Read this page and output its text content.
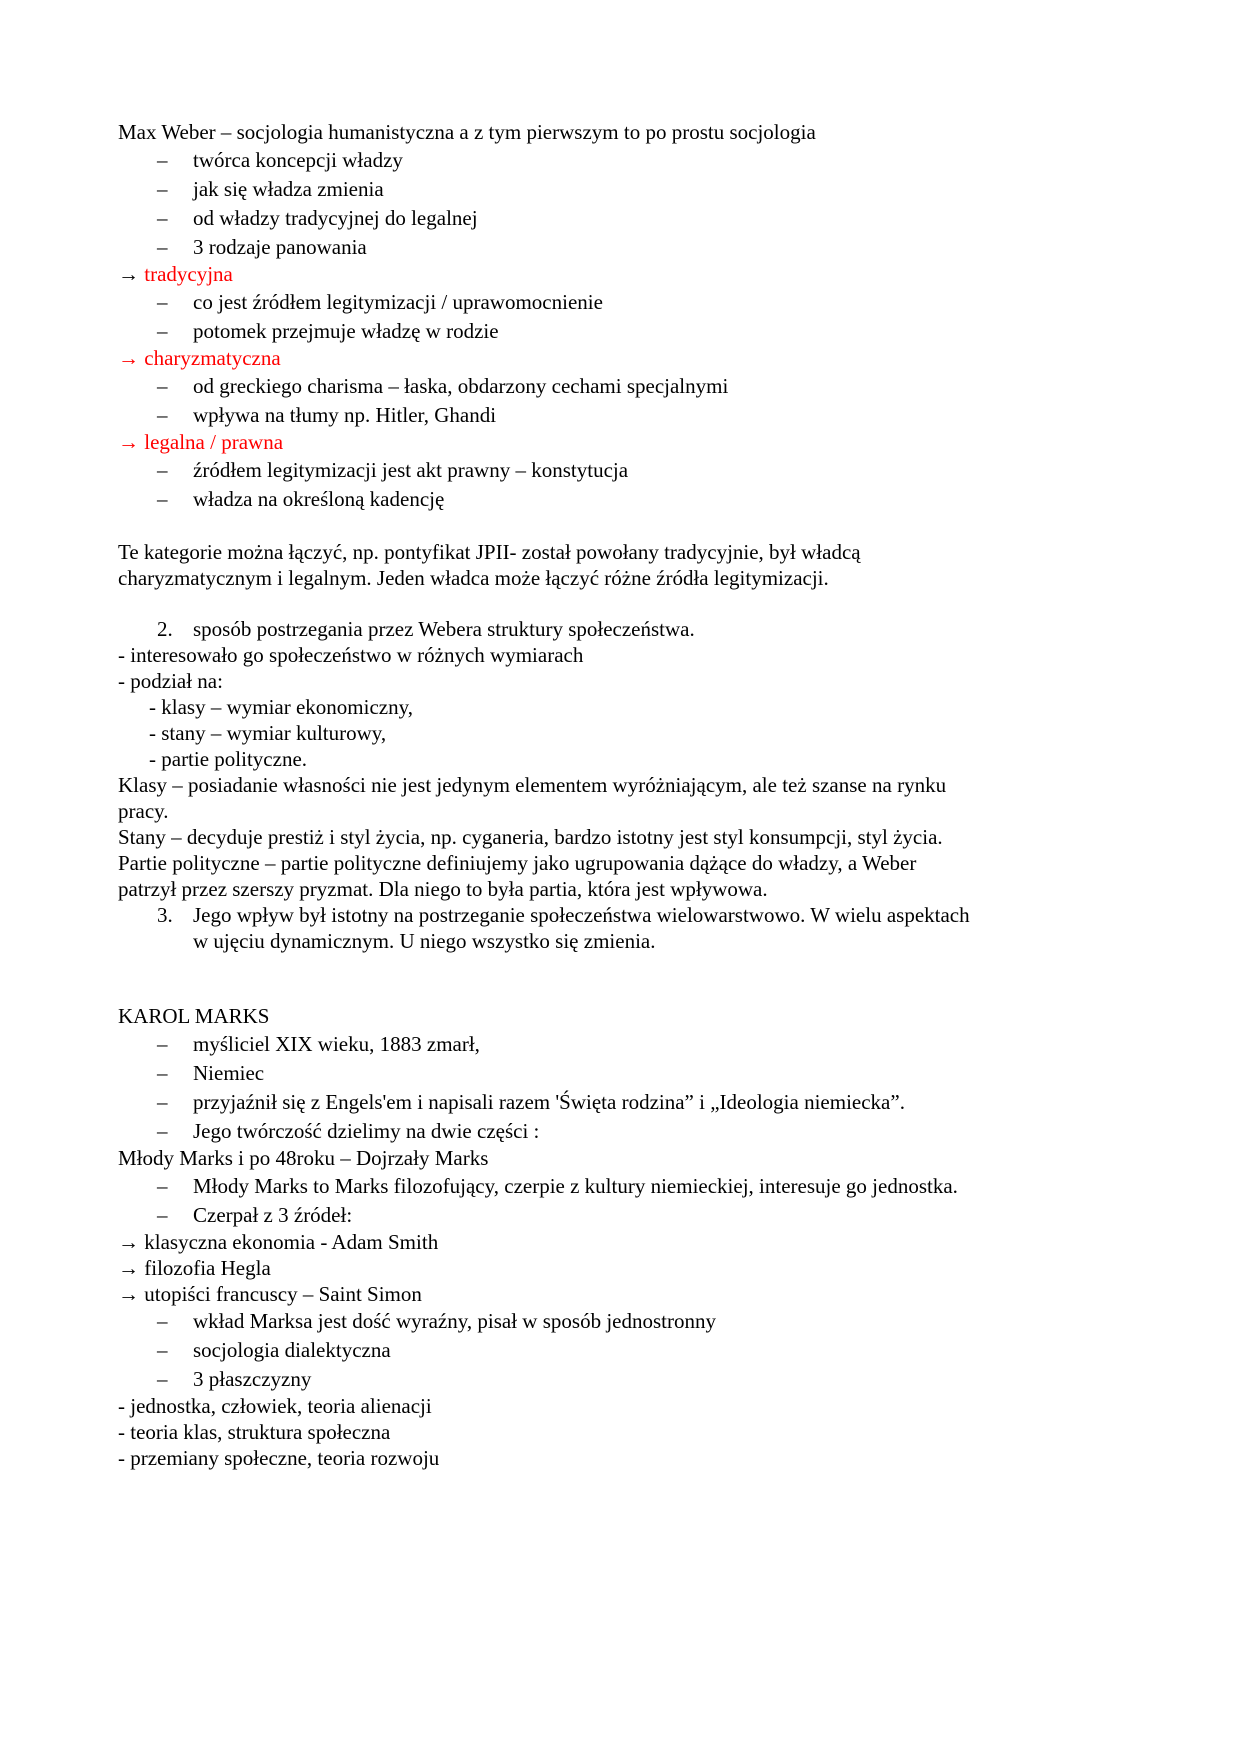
Max Weber – socjologia humanistyczna a z tym pierwszym to po prostu socjologia
– twórca koncepcji władzy
– jak się władza zmienia
– od władzy tradycyjnej do legalnej
– 3 rodzaje panowania
→ tradycyjna
– co jest źródłem legitymizacji / uprawomocnienie
– potomek przejmuje władzę w rodzie
→ charyzmatyczna
– od greckiego charisma – łaska, obdarzony cechami specjalnymi
– wpływa na tłumy np. Hitler, Ghandi
→ legalna / prawna
– źródłem legitymizacji jest akt prawny – konstytucja
– władza na określoną kadencję
Te kategorie można łączyć, np. pontyfikat JPII- został powołany tradycyjnie, był władcą
charyzmatycznym i legalnym. Jeden władca może łączyć różne źródła legitymizacji.
2. sposób postrzegania przez Webera struktury społeczeństwa.
- interesowało go społeczeństwo w różnych wymiarach
- podział na:
- klasy – wymiar ekonomiczny,
- stany – wymiar kulturowy,
- partie polityczne.
Klasy – posiadanie własności nie jest jedynym elementem wyróżniającym, ale też szanse na rynku
pracy.
Stany – decyduje prestiż i styl życia, np. cyganeria, bardzo istotny jest styl konsumpcji, styl życia.
Partie polityczne – partie polityczne definiujemy jako ugrupowania dążące do władzy, a Weber
patrzył przez szerszy pryzmat. Dla niego to była partia, która jest wpływowa.
3. Jego wpływ był istotny na postrzeganie społeczeństwa wielowarstwowo. W wielu aspektach
w ujęciu dynamicznym. U niego wszystko się zmienia.
KAROL MARKS
– myśliciel XIX wieku, 1883 zmarł,
– Niemiec
– przyjaźnił się z Engels'em i napisali razem 'Święta rodzina” i „Ideologia niemiecka”.
– Jego twórczość dzielimy na dwie części :
Młody Marks i po 48roku – Dojrzały Marks
– Młody Marks to Marks filozofujący, czerpie z kultury niemieckiej, interesuje go jednostka.
– Czerpał z 3 źródeł:
→ klasyczna ekonomia - Adam Smith
→ filozofia Hegla
→ utopiści francuscy – Saint Simon
– wkład Marksa jest dość wyraźny, pisał w sposób jednostronny
– socjologia dialektyczna
– 3 płaszczyzny
- jednostka, człowiek, teoria alienacji
- teoria klas, struktura społeczna
- przemiany społeczne, teoria rozwoju
